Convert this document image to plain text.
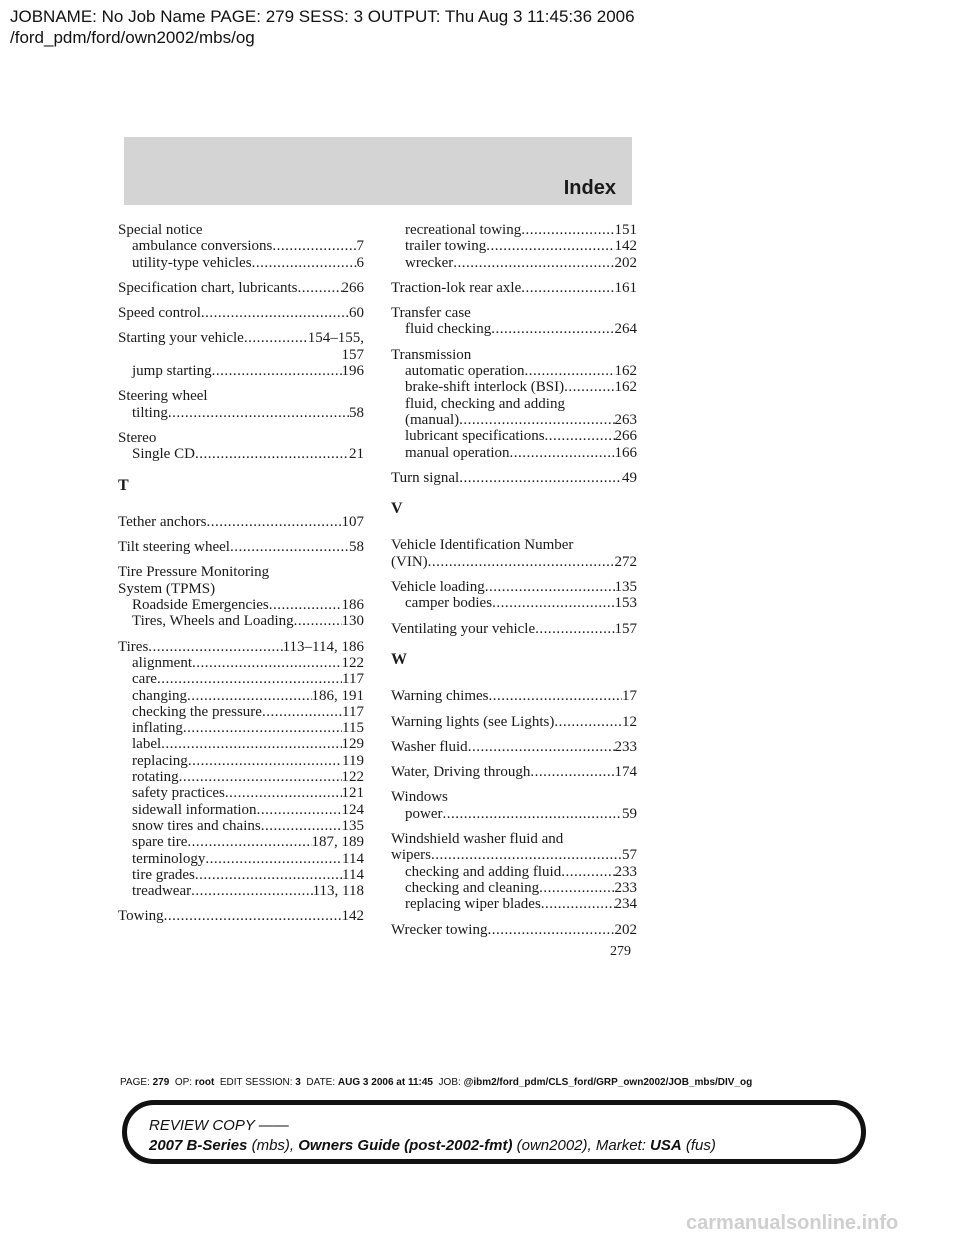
JOBNAME: No Job Name PAGE: 279 SESS: 3 OUTPUT: Thu Aug 3 11:45:36 2006
/ford_pdm/ford/own2002/mbs/og
Index
Special notice
ambulance conversions .....	7
utility-type vehicles .....	6
Specification chart, lubricants .....	266
Speed control .....	60
Starting your vehicle .....	154–155,
157
jump starting .....	196
Steering wheel
tilting .....	58
Stereo
Single CD .....	21
T
Tether anchors .....	107
Tilt steering wheel .....	58
Tire Pressure Monitoring
System (TPMS)
Roadside Emergencies .....	186
Tires, Wheels and Loading .....	130
Tires .....	113–114, 186
alignment .....	122
care .....	117
changing .....	186, 191
checking the pressure .....	117
inflating .....	115
label .....	129
replacing .....	119
rotating .....	122
safety practices .....	121
sidewall information .....	124
snow tires and chains .....	135
spare tire .....	187, 189
terminology .....	114
tire grades .....	114
treadwear .....	113, 118
Towing .....	142
recreational towing .....	151
trailer towing .....	142
wrecker .....	202
Traction-lok rear axle .....	161
Transfer case
fluid checking .....	264
Transmission
automatic operation .....	162
brake-shift interlock (BSI) .....	162
fluid, checking and adding
(manual) .....	263
lubricant specifications .....	266
manual operation .....	166
Turn signal .....	49
V
Vehicle Identification Number
(VIN) .....	272
Vehicle loading .....	135
camper bodies .....	153
Ventilating your vehicle .....	157
W
Warning chimes .....	17
Warning lights (see Lights) .....	12
Washer fluid .....	233
Water, Driving through .....	174
Windows
power .....	59
Windshield washer fluid and
wipers .....	57
checking and adding fluid .....	233
checking and cleaning .....	233
replacing wiper blades .....	234
Wrecker towing .....	202
279
PAGE: 279 OP: root EDIT SESSION: 3 DATE: AUG 3 2006 at 11:45 JOB: @ibm2/ford_pdm/CLS_ford/GRP_own2002/JOB_mbs/DIV_og
REVIEW COPY ——
2007 B-Series (mbs), Owners Guide (post-2002-fmt) (own2002), Market: USA (fus)
carmanualsonline.info
